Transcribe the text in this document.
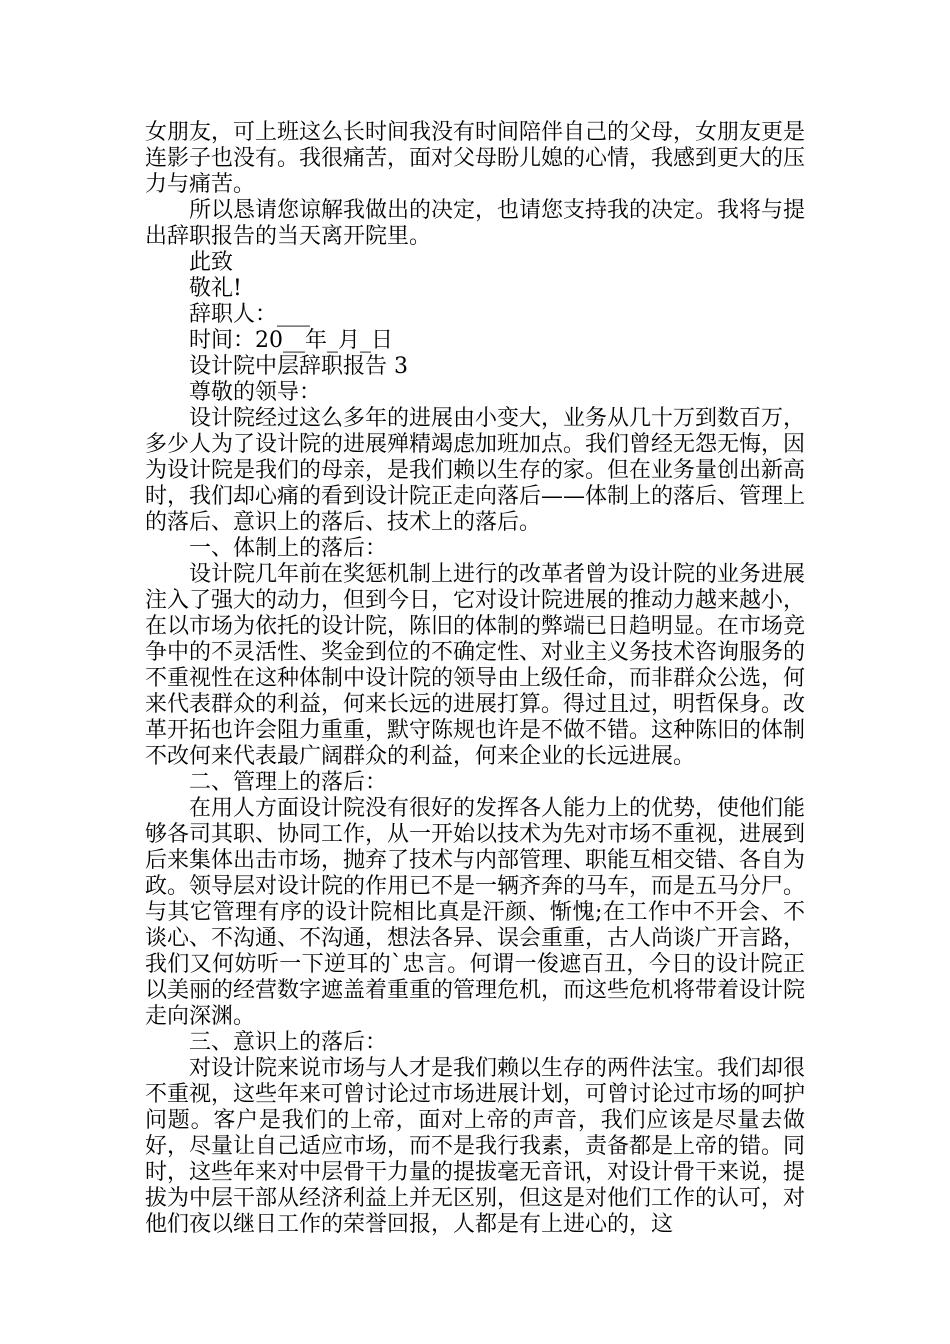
女朋友，可上班这么长时间我没有时间陪伴自己的父母，女朋友更是连影子也没有。我很痛苦，面对父母盼儿媳的心情，我感到更大的压力与痛苦。

所以恳请您谅解我做出的决定，也请您支持我的决定。我将与提出辞职报告的当天离开院里。

此致

敬礼!

辞职人：___

时间：20__年_月_日

设计院中层辞职报告 3

尊敬的领导：

设计院经过这么多年的进展由小变大，业务从几十万到数百万，多少人为了设计院的进展殚精竭虑加班加点。我们曾经无怨无悔，因为设计院是我们的母亲，是我们赖以生存的家。但在业务量创出新高时，我们却心痛的看到设计院正走向落后——体制上的落后、管理上的落后、意识上的落后、技术上的落后。

一、体制上的落后：

设计院几年前在奖惩机制上进行的改革者曾为设计院的业务进展注入了强大的动力，但到今日，它对设计院进展的推动力越来越小，在以市场为依托的设计院，陈旧的体制的弊端已日趋明显。在市场竞争中的不灵活性、奖金到位的不确定性、对业主义务技术咨询服务的不重视性在这种体制中设计院的领导由上级任命，而非群众公选，何来代表群众的利益，何来长远的进展打算。得过且过，明哲保身。改革开拓也许会阻力重重，默守陈规也许是不做不错。这种陈旧的体制不改何来代表最广阔群众的利益，何来企业的长远进展。

二、管理上的落后：

在用人方面设计院没有很好的发挥各人能力上的优势，使他们能够各司其职、协同工作，从一开始以技术为先对市场不重视，进展到后来集体出击市场，抛弃了技术与内部管理、职能互相交错、各自为政。领导层对设计院的作用已不是一辆齐奔的马车，而是五马分尸。与其它管理有序的设计院相比真是汗颜、惭愧;在工作中不开会、不谈心、不沟通、不沟通，想法各异、误会重重，古人尚谈广开言路，我们又何妨听一下逆耳的`忠言。何谓一俊遮百丑，今日的设计院正以美丽的经营数字遮盖着重重的管理危机，而这些危机将带着设计院走向深渊。

三、意识上的落后：

对设计院来说市场与人才是我们赖以生存的两件法宝。我们却很不重视，这些年来可曾讨论过市场进展计划，可曾讨论过市场的呵护问题。客户是我们的上帝，面对上帝的声音，我们应该是尽量去做好，尽量让自己适应市场，而不是我行我素，责备都是上帝的错。同时，这些年来对中层骨干力量的提拔毫无音讯，对设计骨干来说，提拔为中层干部从经济利益上并无区别，但这是对他们工作的认可，对他们夜以继日工作的荣誉回报，人都是有上进心的，这
